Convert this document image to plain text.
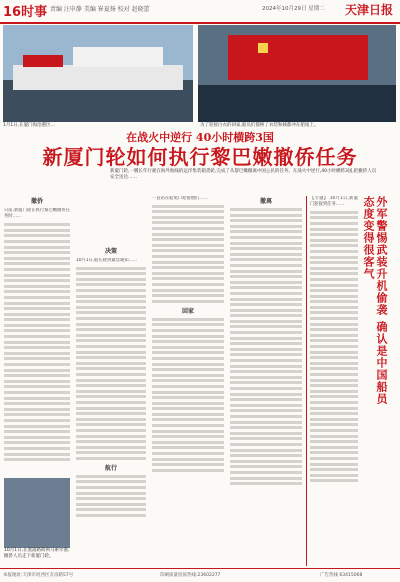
16时事 责编 汪申静 美编 崔夏扬 校对 赵晓蕾	2024年10月29日 星期二 天津日报
1月1日,在厦门海沧港区...	为了迎接白衣的回家,船员们都换了衣装和姨都冲在船尾上。
在战火中逆行 40小时横跨3国
新厦门轮如何执行黎巴嫩撤侨任务
新厦门轮,一艘长年行驶在海外航线的远洋集装箱货轮,完成了从黎巴嫩撤离中国公民的任务。在战火中逆行,40小时横跨3国,把撤侨人员安全送达……
撤侨
日前,新厦门轮在执行黎巴嫩撤侨任务时……
10月1日,在塞浦路斯利马索尔港,撤侨人员走下新厦门轮。
决策
10月1日,船长接到紧急通知……
航行
一直站在船尾口迎接他们……
回家
撤离	外军警惕武装升机偷袭 确认是中国船员态度变得很客气
【专题】 10月1日,新厦门轮接到任务……
本报地址:天津市河西区友谊路57号	印刷质量投诉热线:23602277	广告热线 63415068
